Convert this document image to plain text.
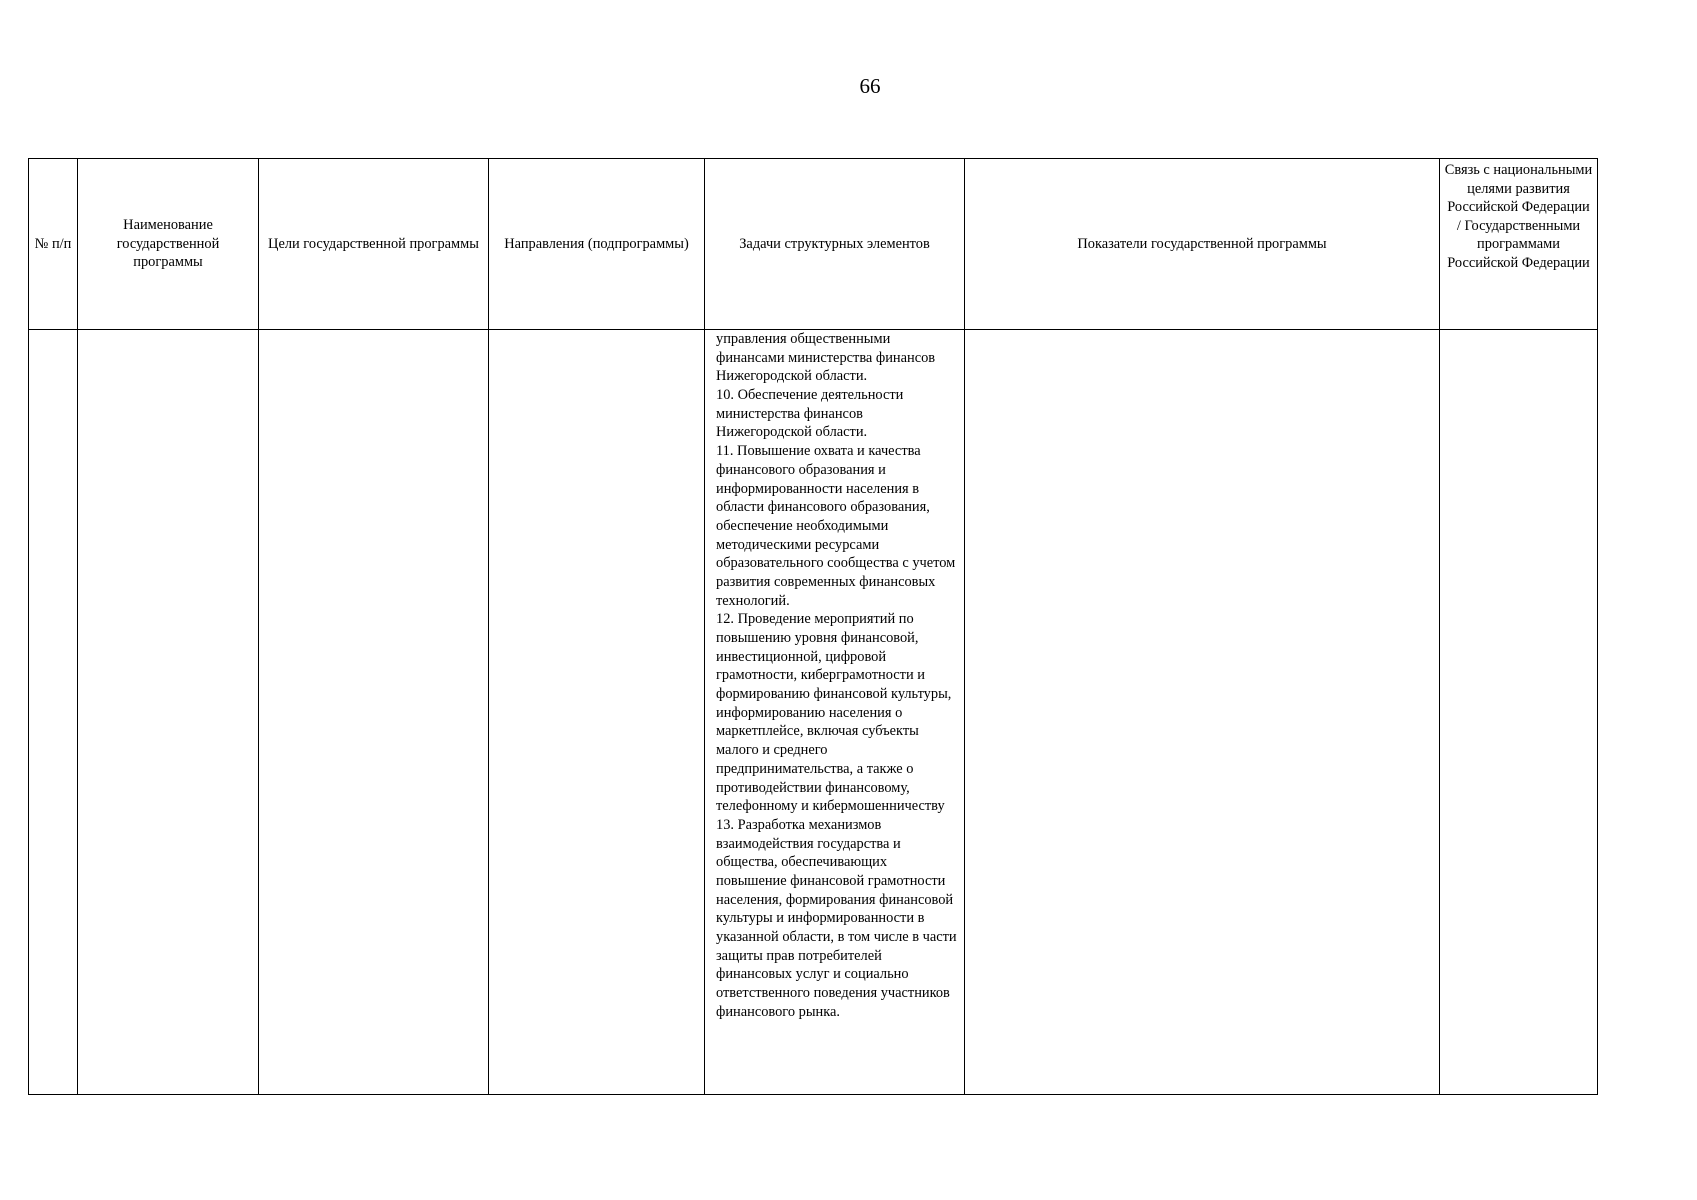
66
№ п/п	Наименование государственной программы	Цели государственной программы	Направления (подпрограммы)	Задачи структурных элементов	Показатели государственной программы	Связь с национальными целями развития Российской Федерации / Государственными программами Российской Федерации

				управления общественными финансами министерства финансов Нижегородской области.

10. Обеспечение деятельности министерства финансов Нижегородской области.

11. Повышение охвата и качества финансового образования и информированности населения в области финансового образования, обеспечение необходимыми методическими ресурсами образовательного сообщества с учетом развития современных финансовых технологий.

12. Проведение мероприятий по повышению уровня финансовой, инвестиционной, цифровой грамотности, киберграмотности и формированию финансовой культуры, информированию населения о маркетплейсе, включая субъекты малого и среднего предпринимательства, а также о противодействии финансовому, телефонному и кибермошенничеству

13. Разработка механизмов взаимодействия государства и общества, обеспечивающих повышение финансовой грамотности населения, формирования финансовой культуры и информированности в указанной области, в том числе в части защиты прав потребителей финансовых услуг и социально ответственного поведения участников финансового рынка.		
